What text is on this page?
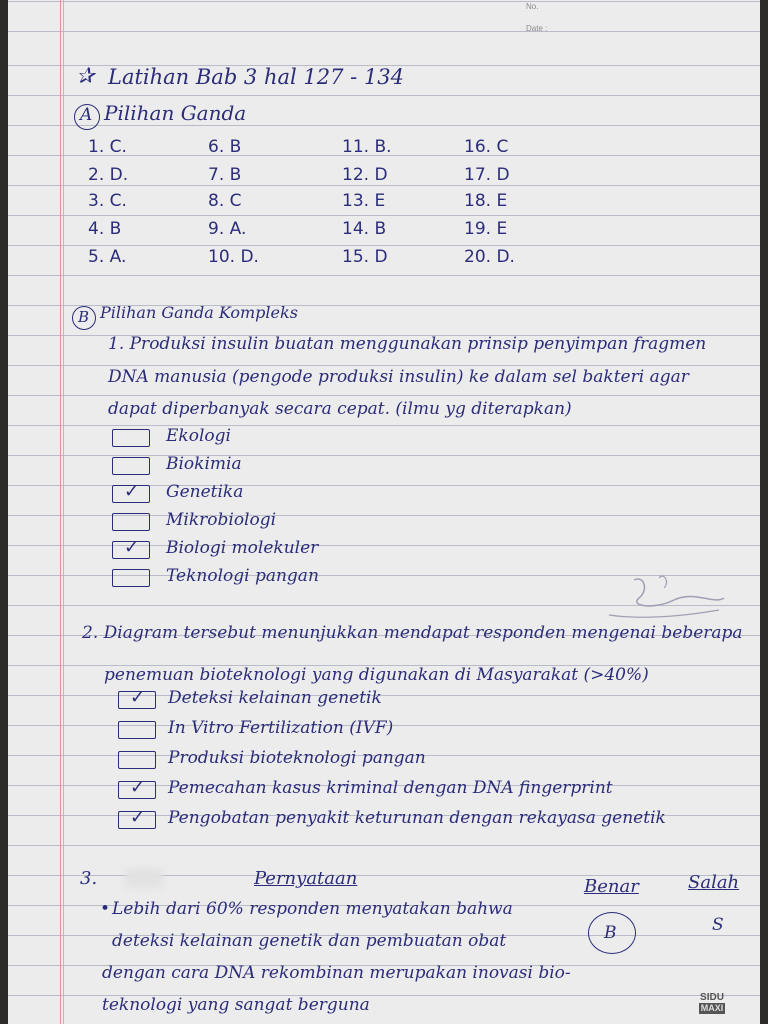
No.
Date :
✰ Latihan Bab 3 hal 127 - 134
A Pilihan Ganda
1. C.	6. B	11. B.	16. C
2. D.	7. B	12. D	17. D
3. C.	8. C	13. E	18. E
4. B	9. A.	14. B	19. E
5. A.	10. D.	15. D	20. D.
B Pilihan Ganda Kompleks
1. Produksi insulin buatan menggunakan prinsip penyimpan fragmen
DNA manusia (pengode produksi insulin) ke dalam sel bakteri agar
dapat diperbanyak secara cepat. (ilmu yg diterapkan)
Ekologi
Biokimia
✓ Genetika
Mikrobiologi
✓ Biologi molekuler
Teknologi pangan
2. Diagram tersebut menunjukkan mendapat responden mengenai beberapa
penemuan bioteknologi yang digunakan di Masyarakat (>40%)
✓ Deteksi kelainan genetik
In Vitro Fertilization (IVF)
Produksi bioteknologi pangan
✓ Pemecahan kasus kriminal dengan DNA fingerprint
✓ Pengobatan penyakit keturunan dengan rekayasa genetik
3.	Pernyataan	Benar	Salah
• Lebih dari 60% responden menyatakan bahwa
deteksi kelainan genetik dan pembuatan obat
dengan cara DNA rekombinan merupakan inovasi bio-
teknologi yang sangat berguna
B	S
SIDU
MAXI
